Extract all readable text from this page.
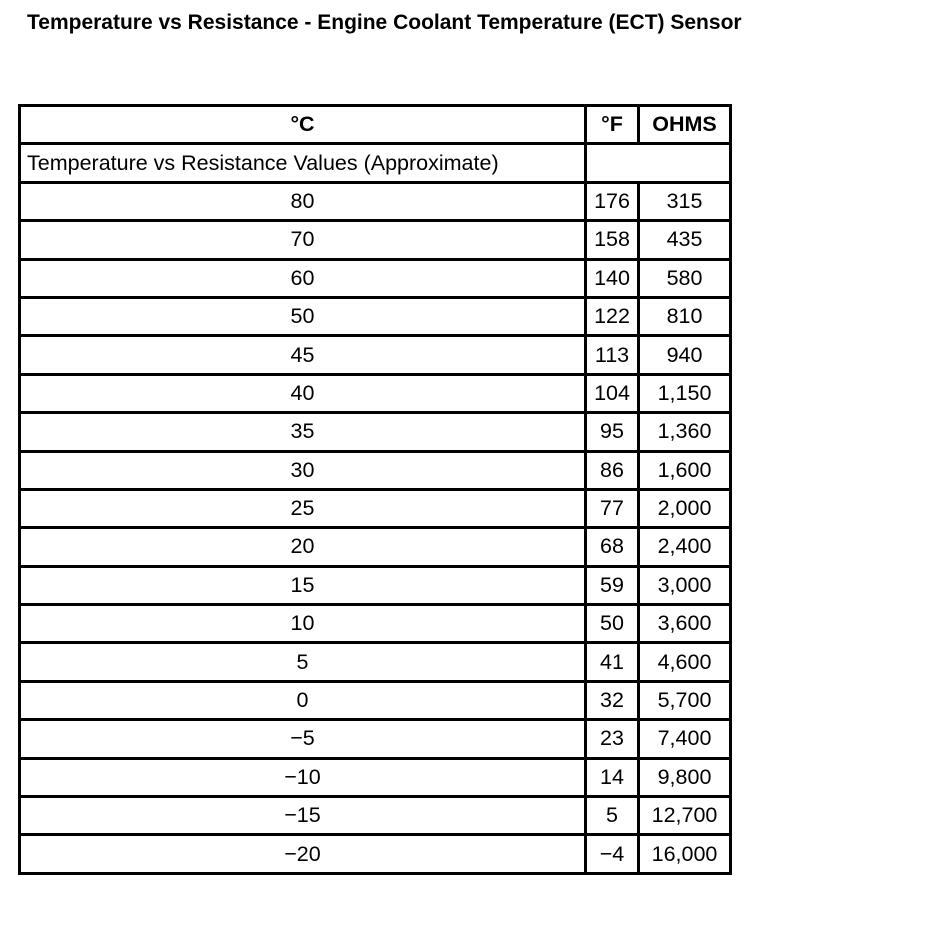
Temperature vs Resistance - Engine Coolant Temperature (ECT) Sensor
°C	°F	OHMS
Temperature vs Resistance Values (Approximate)		
80	176	315
70	158	435
60	140	580
50	122	810
45	113	940
40	104	1,150
35	95	1,360
30	86	1,600
25	77	2,000
20	68	2,400
15	59	3,000
10	50	3,600
5	41	4,600
0	32	5,700
−5	23	7,400
−10	14	9,800
−15	5	12,700
−20	−4	16,000
